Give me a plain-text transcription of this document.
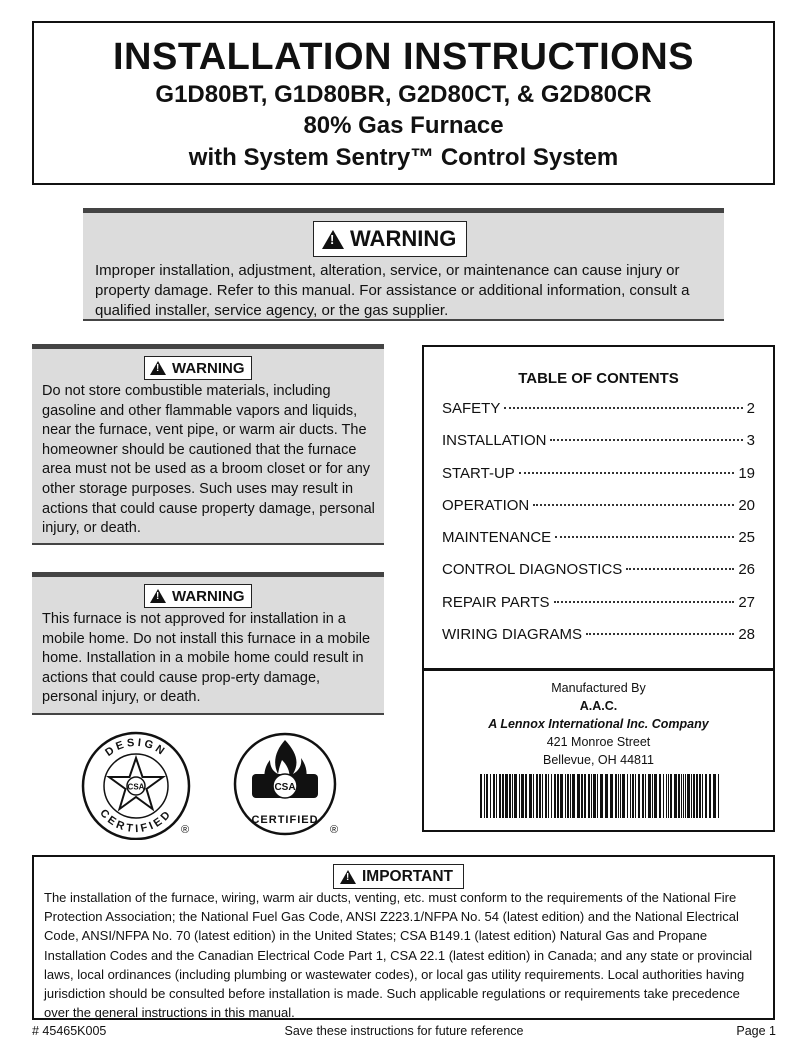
INSTALLATION INSTRUCTIONS
G1D80BT, G1D80BR, G2D80CT, & G2D80CR
80% Gas Furnace
with System Sentry™ Control System
!
WARNING
Improper installation, adjustment, alteration, service, or maintenance can cause injury or property damage. Refer to this manual. For assistance or additional information, consult a qualified installer, service agency, or the gas supplier.
!
WARNING
Do not store combustible materials, including gasoline and other flammable vapors and liquids, near the furnace, vent pipe, or warm air ducts. The homeowner should be cautioned that the furnace area must not be used as a broom closet or for any other storage purposes. Such uses may result in actions that could cause property damage, personal injury, or death.
!
WARNING
This furnace is not approved for installation in a mobile home. Do not install this furnace in a mobile home. Installation in a mobile home could result in actions that could cause prop-erty damage, personal injury, or death.
TABLE OF CONTENTS
SAFETY	2
INSTALLATION	3
START-UP	19
OPERATION	20
MAINTENANCE	25
CONTROL DIAGNOSTICS	26
REPAIR PARTS	27
WIRING DIAGRAMS	28
Manufactured By
A.A.C.
A Lennox International Inc. Company
421 Monroe Street
Bellevue, OH 44811
CSA
DESIGN
CERTIFIED
®
CSA
CERTIFIED
®
!
IMPORTANT
The installation of the furnace, wiring, warm air ducts, venting, etc. must conform to the requirements of the National Fire Protection Association; the National Fuel Gas Code, ANSI Z223.1/NFPA No. 54 (latest edition) and the National Electrical Code, ANSI/NFPA No. 70 (latest edition) in the United States; CSA B149.1 (latest edition) Natural Gas and Propane Installation Codes and the Canadian Electrical Code Part 1, CSA 22.1 (latest edition) in Canada; and any state or provincial laws, local ordinances (including plumbing or wastewater codes), or local gas utility requirements. Local authorities having jurisdiction should be consulted before installation is made. Such applicable regulations or requirements take precedence over the general instructions in this manual.
# 45465K005	Save these instructions for future reference	Page 1
